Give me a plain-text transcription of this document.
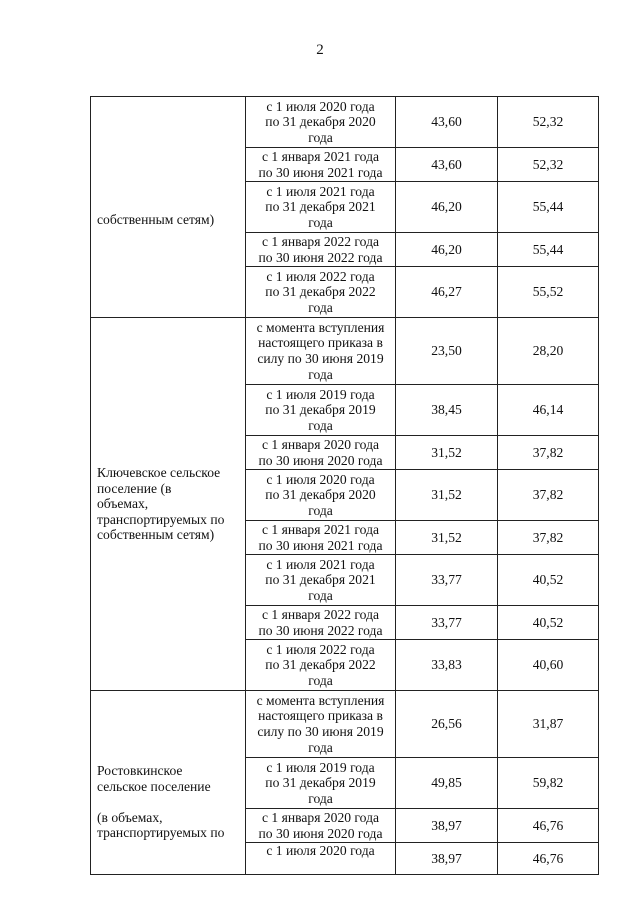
2
собственным сетям)	с 1 июля 2020 года
по 31 декабря 2020
года	43,60	52,32

	с 1 января 2021 года
по 30 июня 2021 года	43,60	52,32

	с 1 июля 2021 года
по 31 декабря 2021
года	46,20	55,44

	с 1 января 2022 года
по 30 июня 2022 года	46,20	55,44

	с 1 июля 2022 года
по 31 декабря 2022
года	46,27	55,52

Ключевское сельское
поселение (в
объемах,
транспортируемых по
собственным сетям)	с момента вступления
настоящего приказа в
силу по 30 июня 2019
года	23,50	28,20

	с 1 июля 2019 года
по 31 декабря 2019
года	38,45	46,14

	с 1 января 2020 года
по 30 июня 2020 года	31,52	37,82

	с 1 июля 2020 года
по 31 декабря 2020
года	31,52	37,82

	с 1 января 2021 года
по 30 июня 2021 года	31,52	37,82

	с 1 июля 2021 года
по 31 декабря 2021
года	33,77	40,52

	с 1 января 2022 года
по 30 июня 2022 года	33,77	40,52

	с 1 июля 2022 года
по 31 декабря 2022
года	33,83	40,60

Ростовкинское
сельское поселение

(в объемах,
транспортируемых по	с момента вступления
настоящего приказа в
силу по 30 июня 2019
года	26,56	31,87

	с 1 июля 2019 года
по 31 декабря 2019
года	49,85	59,82

	с 1 января 2020 года
по 30 июня 2020 года	38,97	46,76

	с 1 июля 2020 года	38,97	46,76
